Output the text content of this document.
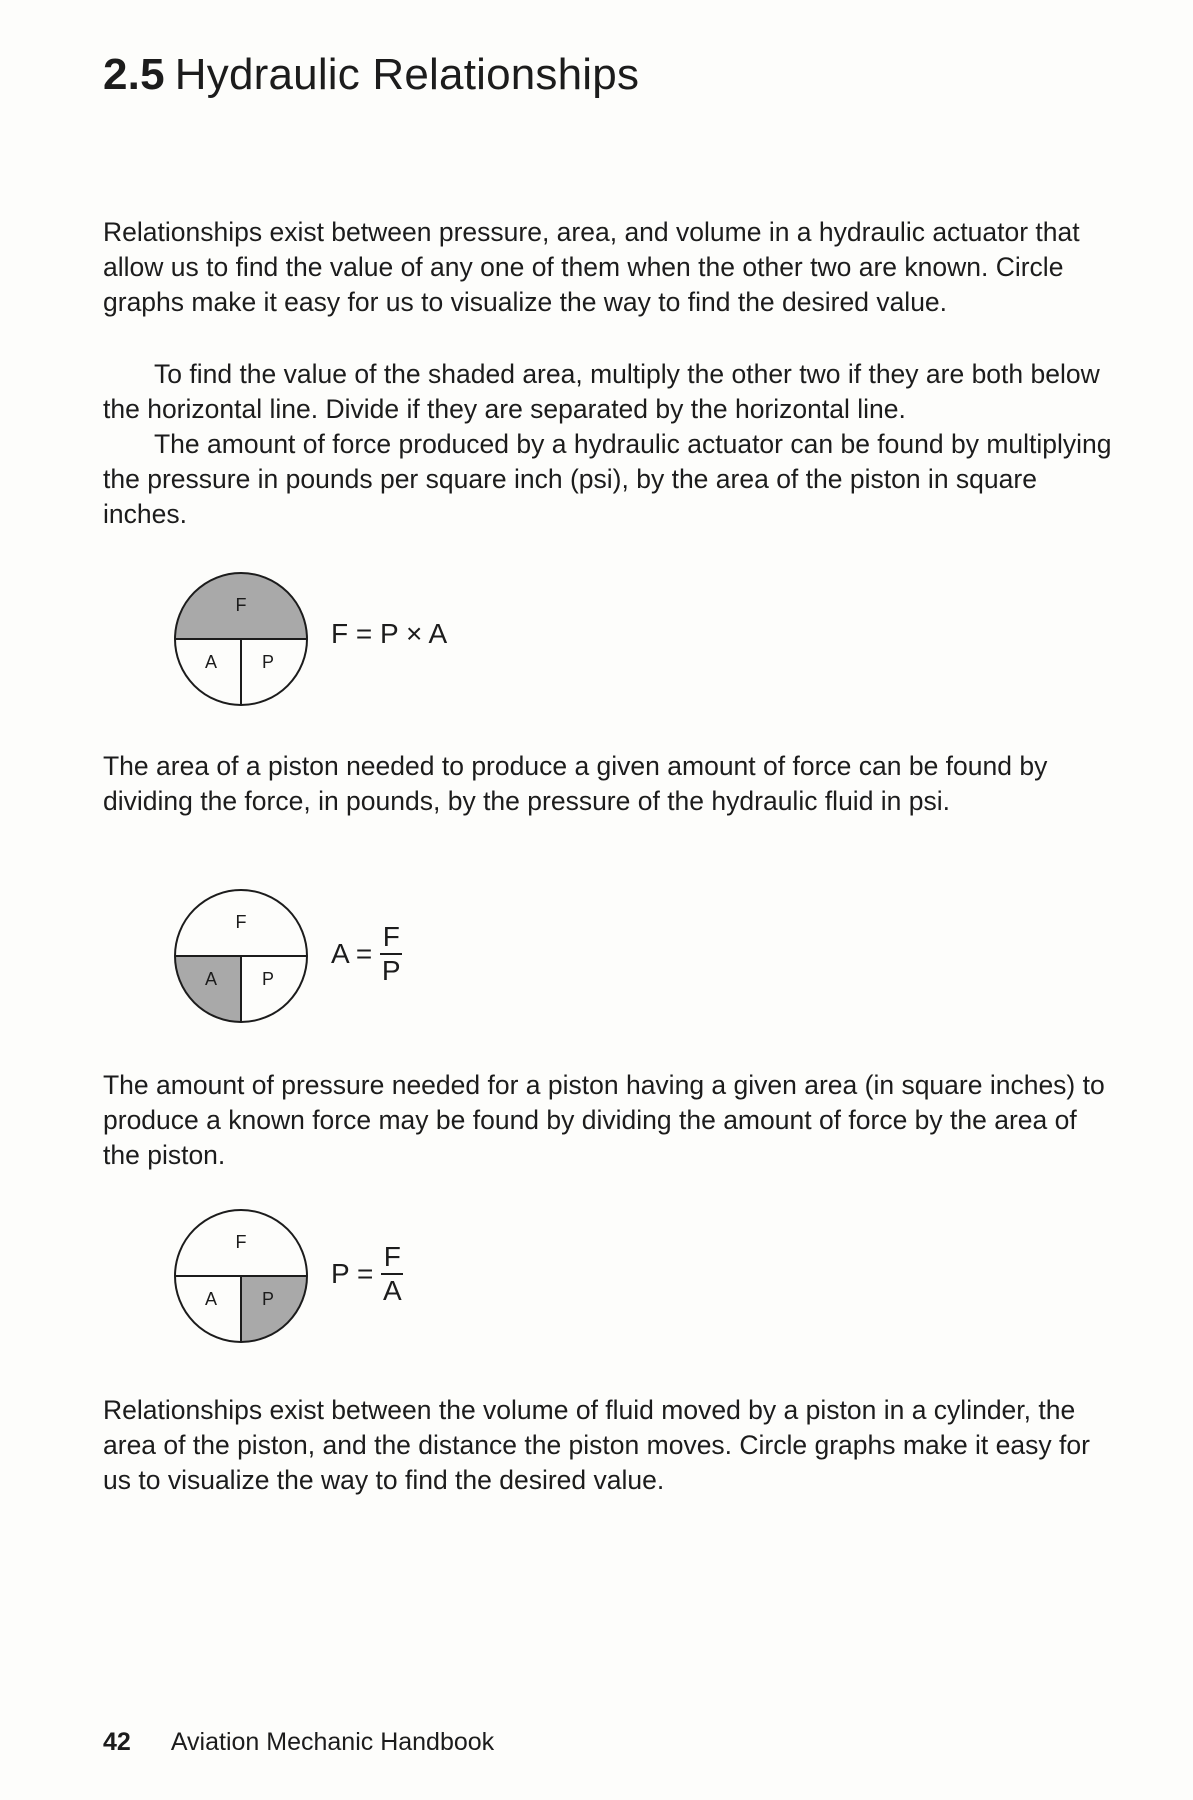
2.5 Hydraulic Relationships

Relationships exist between pressure, area, and volume in a hydraulic actuator that allow us to find the value of any one of them when the other two are known. Circle graphs make it easy for us to visualize the way to find the desired value.

To find the value of the shaded area, multiply the other two if they are both below the horizontal line. Divide if they are separated by the horizontal line.

The amount of force produced by a hydraulic actuator can be found by multiplying the pressure in pounds per square inch (psi), by the area of the piston in square inches.

F
A P
F = P × A

The area of a piston needed to produce a given amount of force can be found by dividing the force, in pounds, by the pressure of the hydraulic fluid in psi.

F
A P
$A = \frac{F}{P}$

The amount of pressure needed for a piston having a given area (in square inches) to produce a known force may be found by dividing the amount of force by the area of the piston.

F
A P
$P = \frac{F}{A}$

Relationships exist between the volume of fluid moved by a piston in a cylinder, the area of the piston, and the distance the piston moves. Circle graphs make it easy for us to visualize the way to find the desired value.

42 Aviation Mechanic Handbook
